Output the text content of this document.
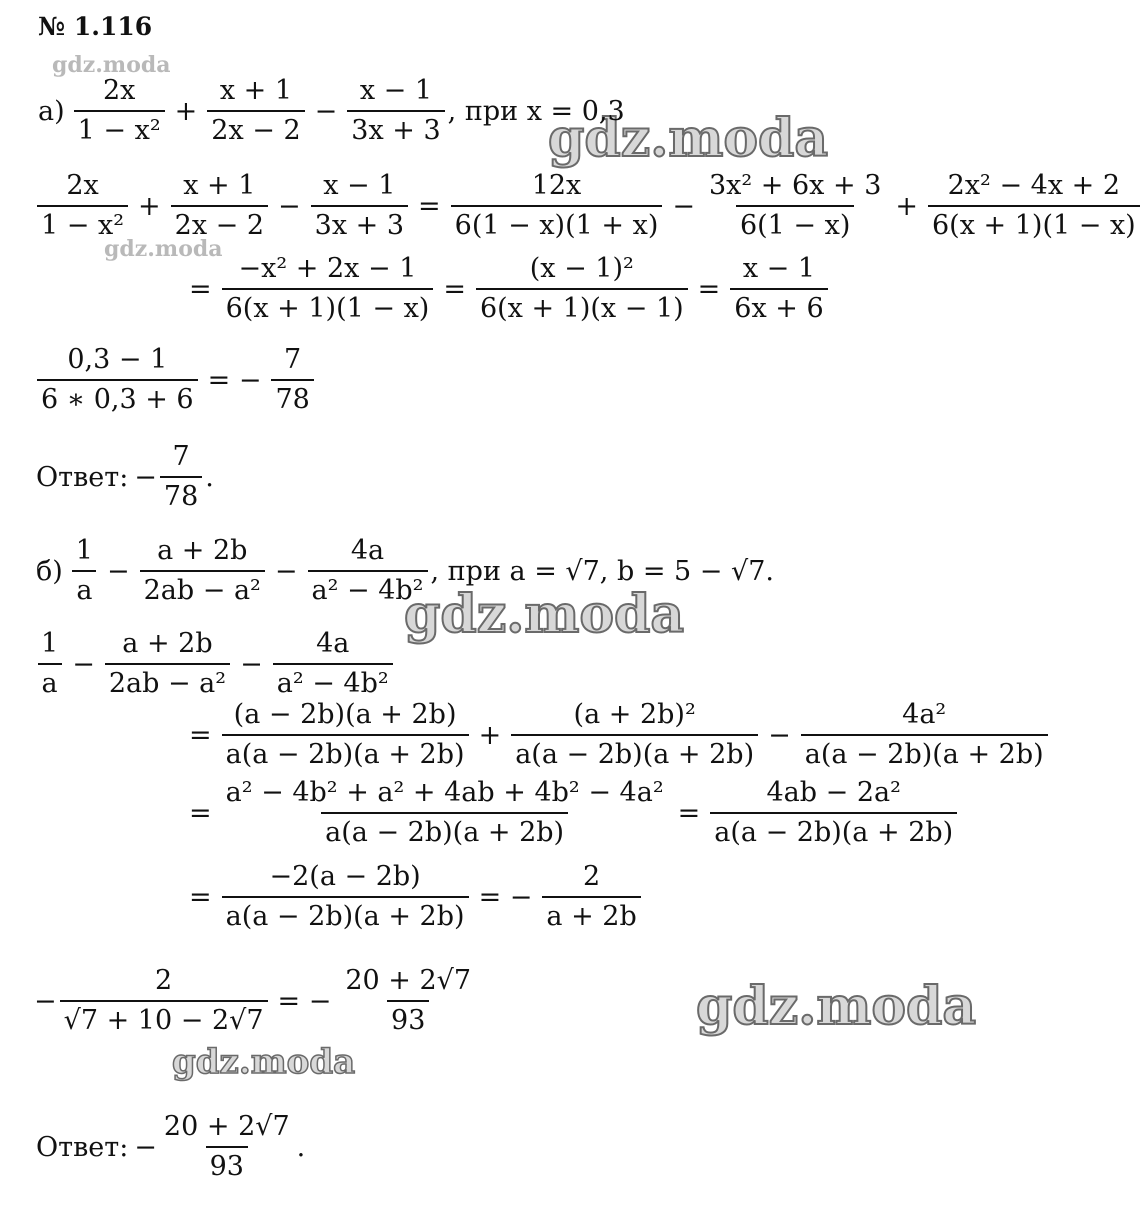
№ 1.116
gdz.moda
gdz.moda
gdz.moda
gdz.moda
gdz.moda
gdz.moda
$а) \frac{2x}{\text{1 − x²}} + \frac{x + 1}{2x - 2} - \frac{x - 1}{3x + 3}$ , при x = 0,3
$\frac{2x}{\text{1 − x²}} + \frac{x + 1}{2x - 2} - \frac{x - 1}{3x + 3} = \frac{12x}{6(1 - x)(1 + x)} - \frac{\text{3x² + 6x + 3}}{6(1 - x)} + \frac{\text{2x² − 4x + 2}}{6(x + 1)(1 - x)}$
= $\frac{\text{−x² + 2x − 1}}{6(x + 1)(1 - x)} = \frac{\text{(x − 1)²}}{6(x + 1)(x - 1)} = \frac{x - 1}{6x + 6}$
$\frac{0,3 - 1}{6 ∗ 0,3 + 6}$ = − $\frac{7}{78}$
Ответ: − $\frac{7}{78}$ .
$б) \frac{1}{a} - \frac{a + 2b}{\text{2ab − a²}} - \frac{4a}{\text{a² − 4b²}}$ , при a = √7, b = 5 − √7.
$\frac{1}{a} - \frac{a + 2b}{\text{2ab − a²}} - \frac{4a}{\text{a² − 4b²}}$
= $\frac{(a - 2b)(a + 2b)}{a(a - 2b)(a + 2b)} + \frac{\text{(a + 2b)²}}{a(a - 2b)(a + 2b)} - \frac{\text{4a²}}{a(a - 2b)(a + 2b)}$
= $\frac{\text{a² − 4b² + a² + 4ab + 4b² − 4a²}}{a(a - 2b)(a + 2b)} = \frac{\text{4ab − 2a²}}{a(a - 2b)(a + 2b)}$
= $\frac{-2(a - 2b)}{a(a - 2b)(a + 2b)}$ = − $\frac{2}{a + 2b}$
− $\frac{2}{√7 + 10 - 2√7}$ = − $\frac{20 + 2√7}{93}$
Ответ: − $\frac{20 + 2√7}{93}$ .
